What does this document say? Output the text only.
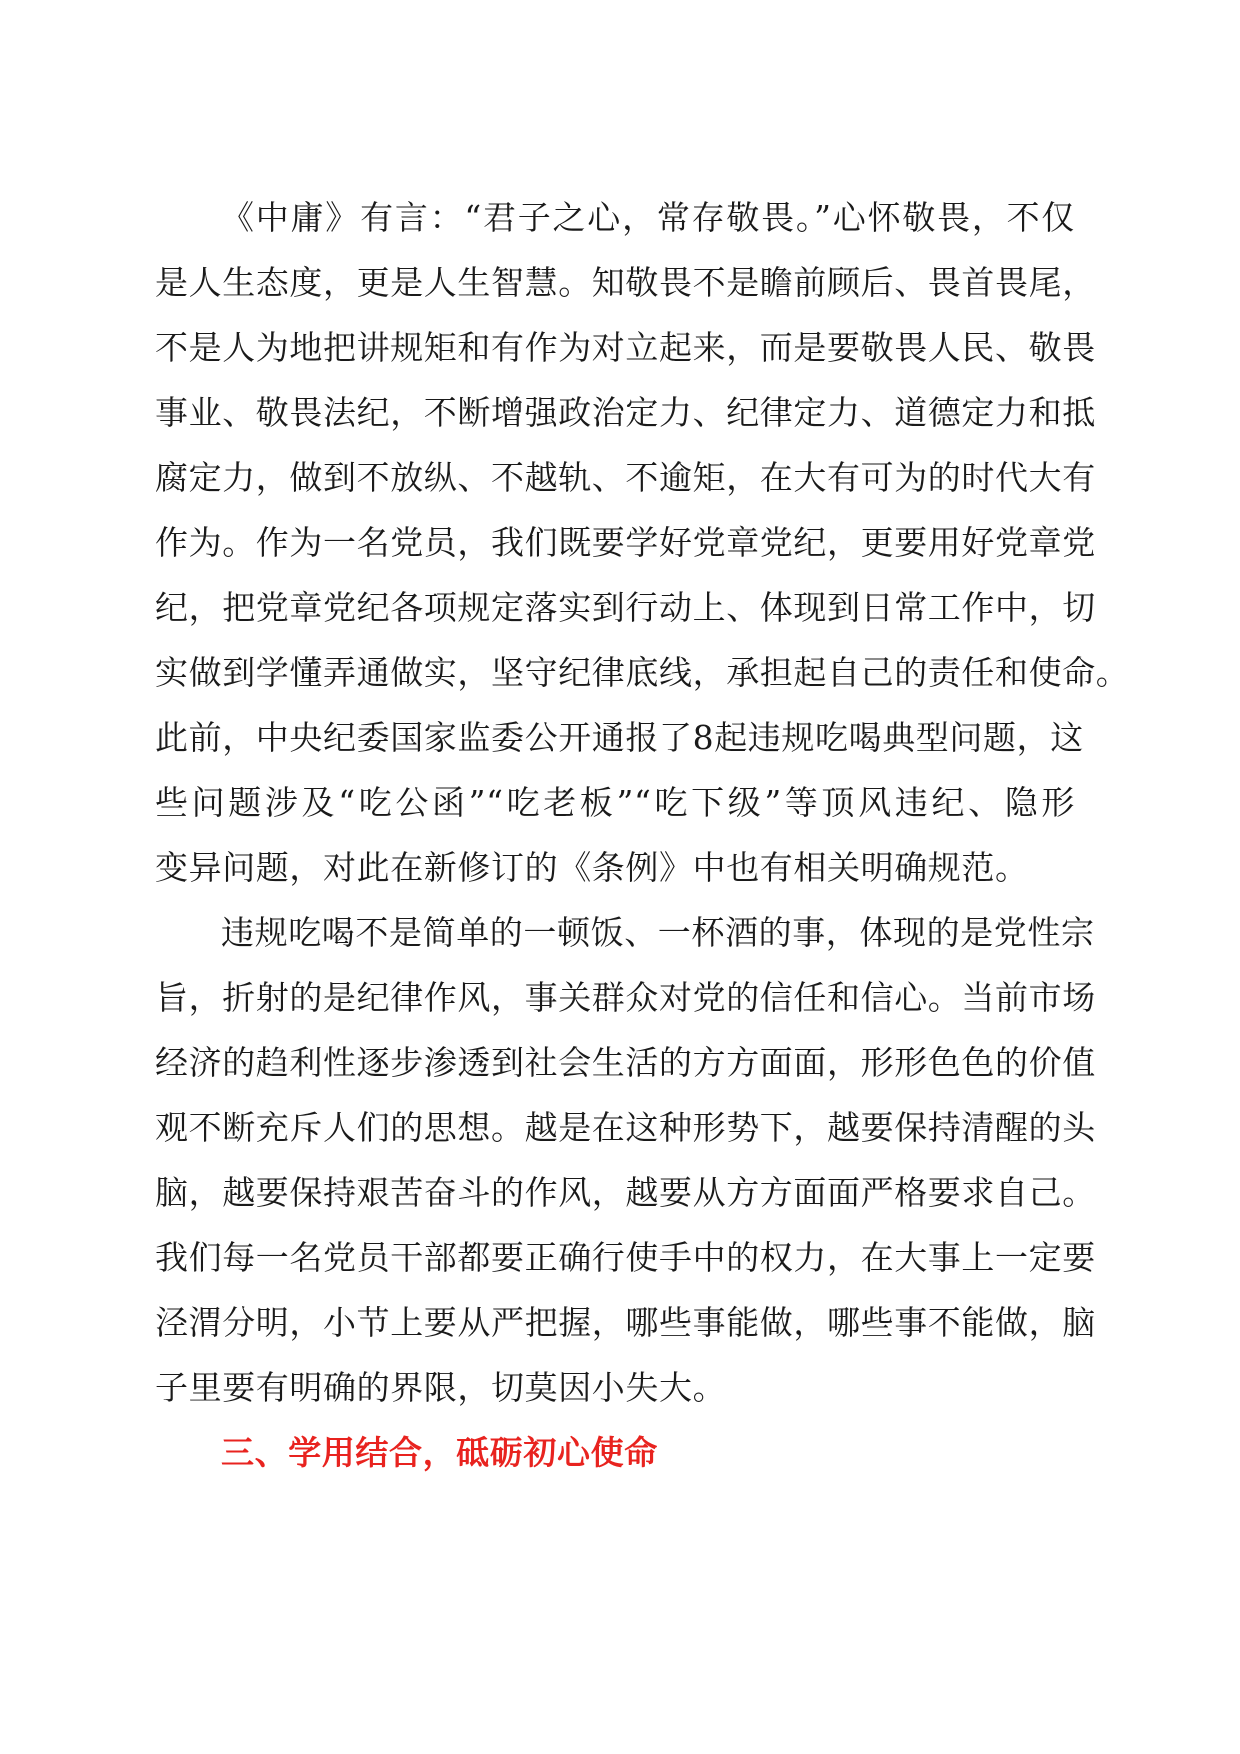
《中庸》有言：“君子之心，常存敬畏。”心怀敬畏，不仅
是人生态度，更是人生智慧。知敬畏不是瞻前顾后、畏首畏尾，
不是人为地把讲规矩和有作为对立起来，而是要敬畏人民、敬畏
事业、敬畏法纪，不断增强政治定力、纪律定力、道德定力和抵
腐定力，做到不放纵、不越轨、不逾矩，在大有可为的时代大有
作为。作为一名党员，我们既要学好党章党纪，更要用好党章党
纪，把党章党纪各项规定落实到行动上、体现到日常工作中，切
实做到学懂弄通做实，坚守纪律底线，承担起自己的责任和使命。
此前，中央纪委国家监委公开通报了8起违规吃喝典型问题，这
些问题涉及“吃公函”“吃老板”“吃下级”等顶风违纪、隐形
变异问题，对此在新修订的《条例》中也有相关明确规范。
违规吃喝不是简单的一顿饭、一杯酒的事，体现的是党性宗
旨，折射的是纪律作风，事关群众对党的信任和信心。当前市场
经济的趋利性逐步渗透到社会生活的方方面面，形形色色的价值
观不断充斥人们的思想。越是在这种形势下，越要保持清醒的头
脑，越要保持艰苦奋斗的作风，越要从方方面面严格要求自己。
我们每一名党员干部都要正确行使手中的权力，在大事上一定要
泾渭分明，小节上要从严把握，哪些事能做，哪些事不能做，脑
子里要有明确的界限，切莫因小失大。
三、学用结合，砥砺初心使命
